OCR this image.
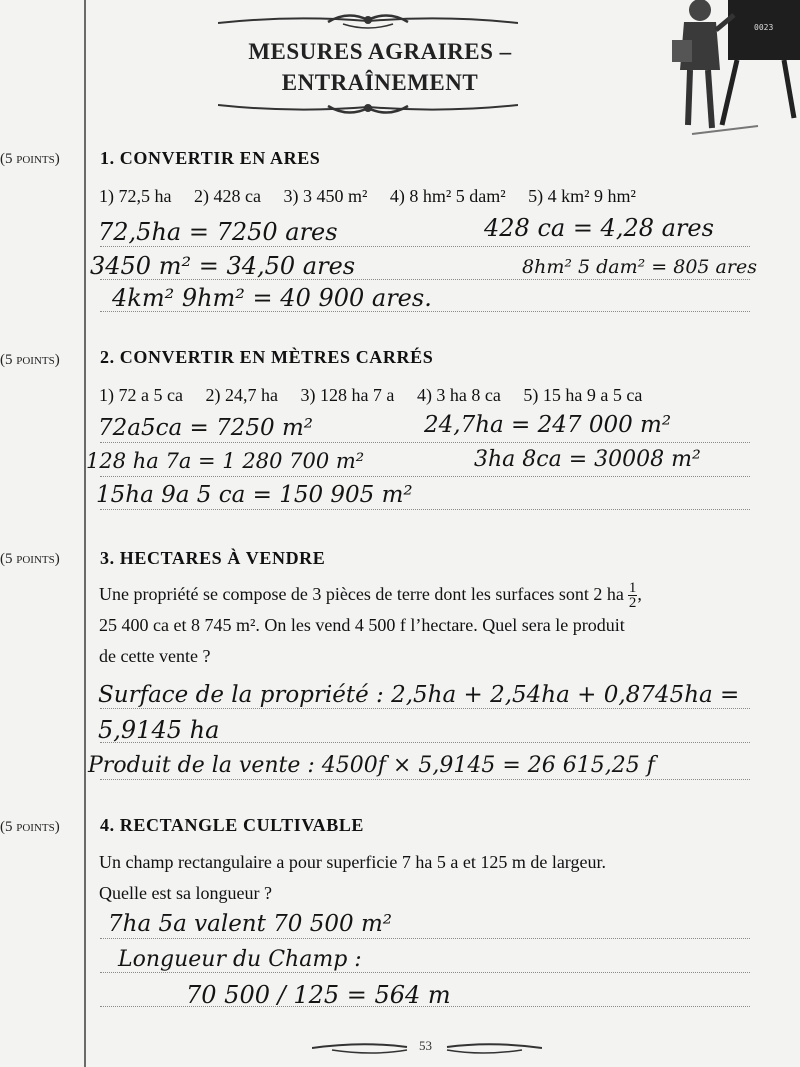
MESURES AGRAIRES –
ENTRAÎNEMENT
0023
(5 points) 1. CONVERTIR EN ARES
1) 72,5 ha 2) 428 ca 3) 3 450 m² 4) 8 hm² 5 dam² 5) 4 km² 9 hm²
72,5ha = 7250 ares	428 ca = 4,28 ares
3450 m² = 34,50 ares	8hm² 5 dam² = 805 ares
4km² 9hm² = 40 900 ares.
(5 points) 2. CONVERTIR EN MÈTRES CARRÉS
1) 72 a 5 ca 2) 24,7 ha 3) 128 ha 7 a 4) 3 ha 8 ca 5) 15 ha 9 a 5 ca
72a5ca = 7250 m²	24,7ha = 247 000 m²
128 ha 7a = 1 280 700 m²	3ha 8ca = 30008 m²
15ha 9a 5 ca = 150 905 m²
(5 points) 3. HECTARES À VENDRE
Une propriété se compose de 3 pièces de terre dont les surfaces sont 2 ha $\frac{1}{2}$ ,
25 400 ca et 8 745 m². On les vend 4 500 f l’hectare. Quel sera le produit
de cette vente ?
Surface de la propriété : 2,5ha + 2,54ha + 0,8745ha =
5,9145 ha
Produit de la vente : 4500f × 5,9145 = 26 615,25 f
(5 points) 4. RECTANGLE CULTIVABLE
Un champ rectangulaire a pour superficie 7 ha 5 a et 125 m de largeur.
Quelle est sa longueur ?
7ha 5a valent 70 500 m²
Longueur du Champ :
70 500 / 125 = 564 m
53
